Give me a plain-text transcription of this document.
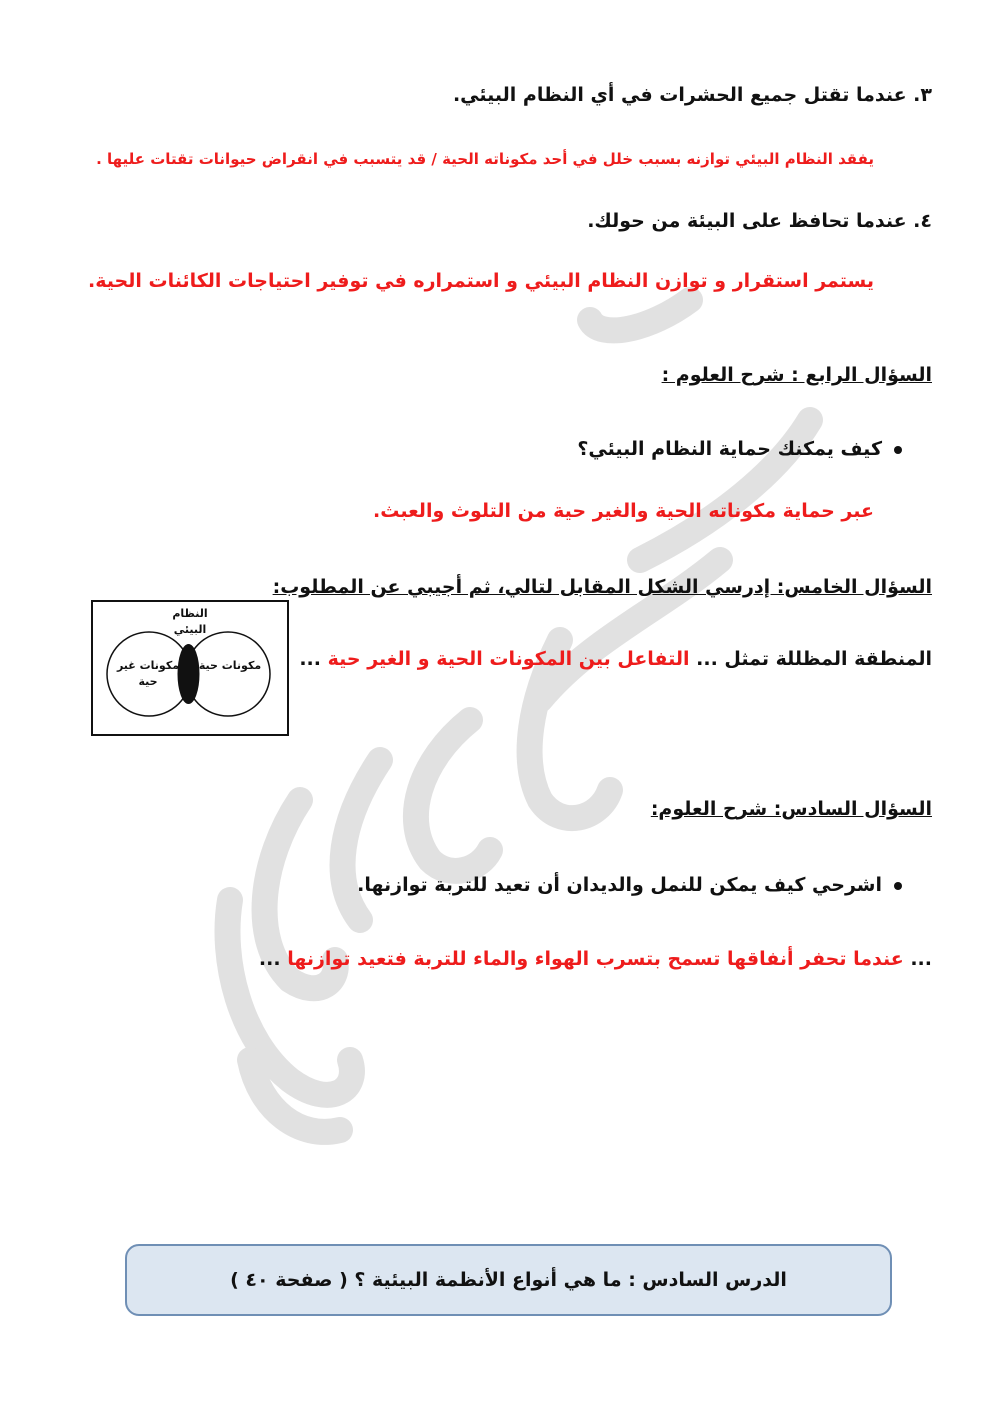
٣. عندما تقتل جميع الحشرات في أي النظام البيئي.
يفقد النظام البيئي توازنه بسبب خلل في أحد مكوناته الحية / قد يتسبب في انقراض حيوانات تقتات عليها .
٤. عندما تحافظ على البيئة من حولك.
يستمر استقرار و توازن النظام البيئي و استمراره في توفير احتياجات الكائنات الحية.
السؤال الرابع : شرح العلوم :
كيف يمكنك حماية النظام البيئي؟
عبر حماية مكوناته الحية والغير حية من التلوث والعبث.
السؤال الخامس: إدرسي الشكل المقابل لتالي، ثم أجيبي عن المطلوب:
المنطقة المظللة تمثل ... التفاعل بين المكونات الحية و الغير حية ...
النظام البيئي
مكونات غير حية
مكونات حية
السؤال السادس: شرح العلوم:
اشرحي كيف يمكن للنمل والديدان أن تعيد للتربة توازنها.
... عندما تحفر أنفاقها تسمح بتسرب الهواء والماء للتربة فتعيد توازنها ...
الدرس السادس : ما هي أنواع الأنظمة البيئية ؟ ( صفحة ٤٠ )
